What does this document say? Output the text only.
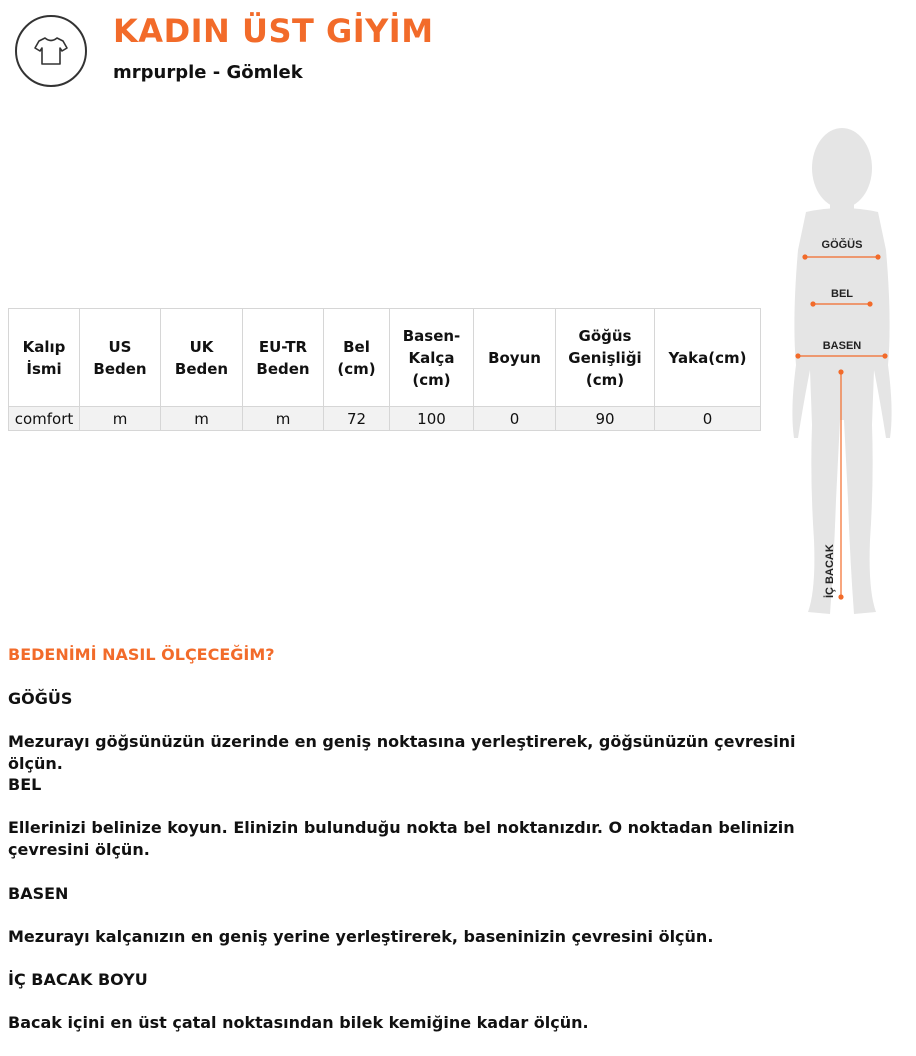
KADIN ÜST GİYİM
mrpurple - Gömlek
Kalıp İsmi	US Beden	UK Beden	EU-TR Beden	Bel (cm)	Basen-Kalça (cm)	Boyun	Göğüs Genişliği (cm)	Yaka(cm)
comfort	m	m	m	72	100	0	90	0
GÖĞÜS
BEL
BASEN
İÇ BACAK
BEDENİMİ NASIL ÖLÇECEĞİM?

GÖĞÜS

Mezurayı göğsünüzün üzerinde en geniş noktasına yerleştirerek, göğsünüzün çevresini ölçün.

BEL

Ellerinizi belinize koyun. Elinizin bulunduğu nokta bel noktanızdır. O noktadan belinizin çevresini ölçün.

BASEN

Mezurayı kalçanızın en geniş yerine yerleştirerek, baseninizin çevresini ölçün.

İÇ BACAK BOYU

Bacak içini en üst çatal noktasından bilek kemiğine kadar ölçün.
